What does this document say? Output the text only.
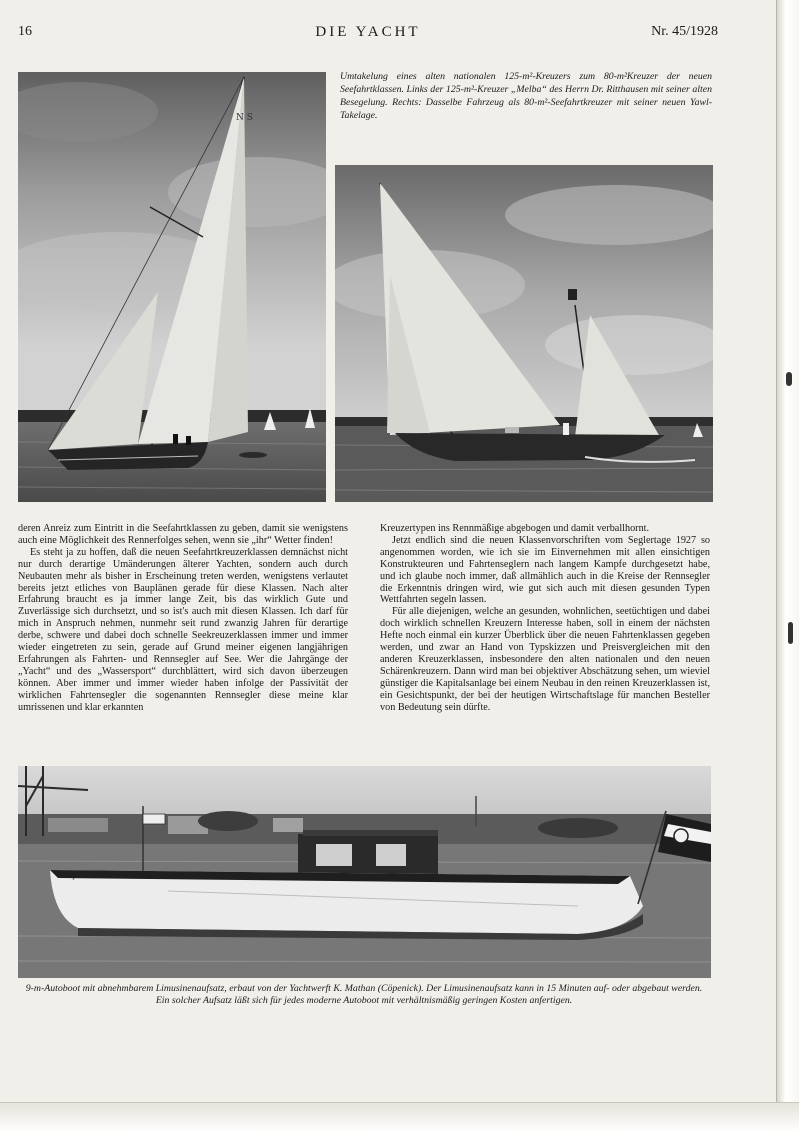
16	DIE YACHT	Nr. 45/1928
N S
Umtakelung eines alten nationalen 125-m²-Kreuzers zum 80-m²Kreuzer der neuen Seefahrtklassen. Links der 125-m²-Kreuzer „Melba“ des Herrn Dr. Ritthausen mit seiner alten Besegelung. Rechts: Dasselbe Fahrzeug als 80-m²-Seefahrtkreuzer mit seiner neuen Yawl-Takelage.

deren Anreiz zum Eintritt in die Seefahrtklassen zu geben, damit sie wenigstens auch eine Möglichkeit des Rennerfolges sehen, wenn sie „ihr“ Wetter finden!

Es steht ja zu hoffen, daß die neuen Seefahrtkreuzerklassen demnächst nicht nur durch derartige Umänderungen älterer Yachten, sondern auch durch Neubauten mehr als bisher in Erscheinung treten werden, wenigstens verlautet bereits jetzt etliches von Bauplänen gerade für diese Klassen. Nach alter Erfahrung braucht es ja immer lange Zeit, bis das wirklich Gute und Zuverlässige sich durchsetzt, und so ist's auch mit diesen Klassen. Ich darf für mich in Anspruch nehmen, nunmehr seit rund zwanzig Jahren für derartige derbe, schwere und dabei doch schnelle Seekreuzerklassen immer und immer wieder eingetreten zu sein, gerade auf Grund meiner eigenen langjährigen Erfahrungen als Fahrten- und Rennsegler auf See. Wer die Jahrgänge der „Yacht“ und des „Wassersport“ durchblättert, wird sich davon überzeugen können. Aber immer und immer wieder haben infolge der Passivität der wirklichen Fahrtensegler die sogenannten Rennsegler diese meine klar umrissenen und klar erkannten

Kreuzertypen ins Rennmäßige abgebogen und damit verballhornt.

Jetzt endlich sind die neuen Klassenvorschriften vom Seglertage 1927 so angenommen worden, wie ich sie im Einvernehmen mit allen einsichtigen Konstrukteuren und Fahrtenseglern nach langem Kampfe durchgesetzt habe, und ich glaube noch immer, daß allmählich auch in die Kreise der Rennsegler die Erkenntnis dringen wird, wie gut sich auch mit diesen gesunden Typen Wettfahrten segeln lassen.

Für alle diejenigen, welche an gesunden, wohnlichen, seetüchtigen und dabei doch wirklich schnellen Kreuzern Interesse haben, soll in einem der nächsten Hefte noch einmal ein kurzer Überblick über die neuen Fahrtenklassen gegeben werden, und zwar an Hand von Typskizzen und Preisvergleichen mit den anderen Kreuzerklassen, insbesondere den alten nationalen und den neuen Schärenkreuzern. Dann wird man bei objektiver Abschätzung sehen, um wieviel günstiger die Kapitalsanlage bei einem Neubau in den reinen Kreuzerklassen ist, ein Gesichtspunkt, der bei der heutigen Wirtschaftslage für manchen Besteller von Bedeutung sein dürfte.

JLSE II
9-m-Autoboot mit abnehmbarem Limusinenaufsatz, erbaut von der Yachtwerft K. Mathan (Cöpenick). Der Limusinenaufsatz kann in 15 Minuten auf- oder abgebaut werden. Ein solcher Aufsatz läßt sich für jedes moderne Autoboot mit verhältnismäßig geringen Kosten anfertigen.
